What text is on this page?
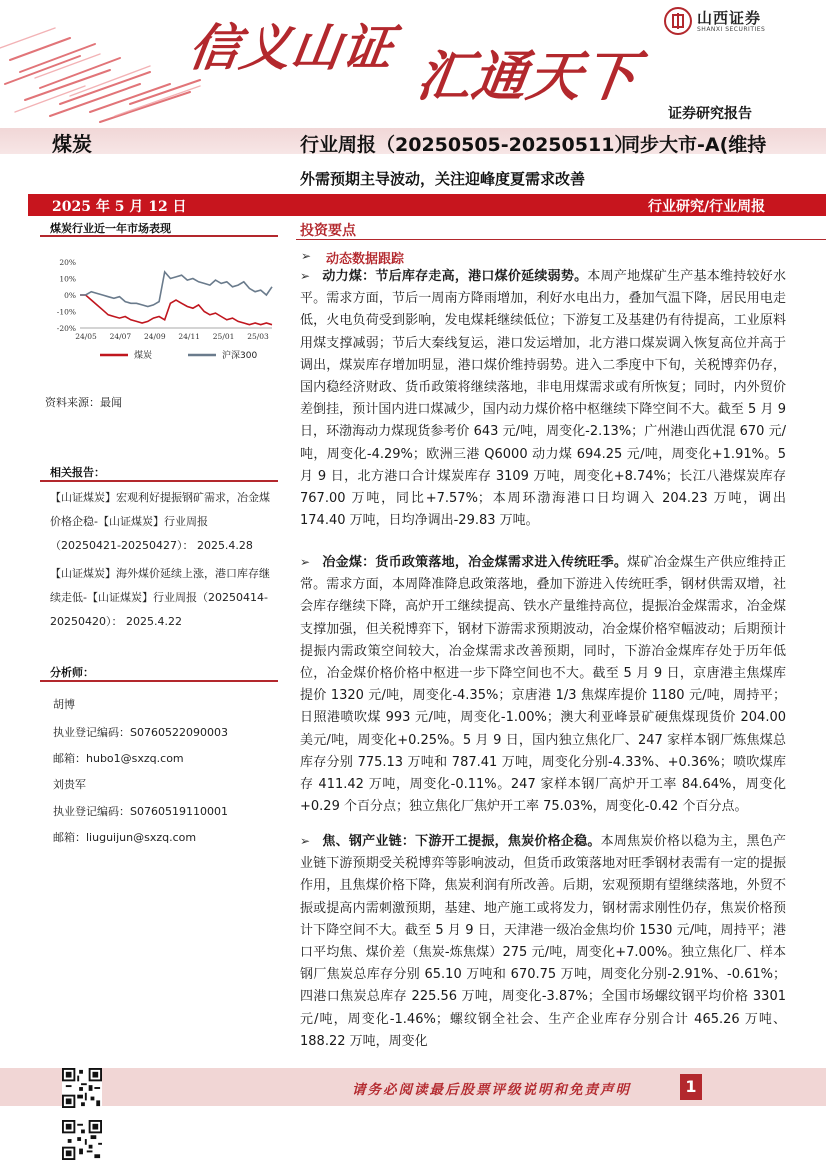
信义山证 汇通天下
山西证券
SHANXI SECURITIES
证券研究报告
煤炭	行业周报（20250505-20250511）
同步大市-A(维持
外需预期主导波动，关注迎峰度夏需求改善
2025 年 5 月 12 日	行业研究/行业周报
煤炭行业近一年市场表现
20%
10%
0%
-10%
-20%
24/05 24/07 24/09 24/11 25/01 25/03
煤炭	沪深300
资料来源：最闻
相关报告：
【山证煤炭】宏观利好提振钢矿需求，冶金煤价格企稳-【山证煤炭】行业周报（20250421-20250427）： 2025.4.28
【山证煤炭】海外煤价延续上涨，港口库存继续走低-【山证煤炭】行业周报（20250414-20250420）： 2025.4.22
分析师：
胡博
执业登记编码：S0760522090003
邮箱：hubo1@sxzq.com
刘贵军
执业登记编码：S0760519110001
邮箱：liuguijun@sxzq.com
投资要点
➢ 动态数据跟踪
➢ 动力煤：节后库存走高，港口煤价延续弱势。本周产地煤矿生产基本维持较好水平。需求方面，节后一周南方降雨增加，利好水电出力，叠加气温下降，居民用电走低，火电负荷受到影响，发电煤耗继续低位；下游复工及基建仍有待提高，工业原料用煤支撑减弱；节后大秦线复运，港口发运增加，北方港口煤炭调入恢复高位并高于调出，煤炭库存增加明显，港口煤价维持弱势。进入二季度中下旬，关税博弈仍存，国内稳经济财政、货币政策将继续落地，非电用煤需求或有所恢复；同时，内外贸价差倒挂，预计国内进口煤减少，国内动力煤价格中枢继续下降空间不大。截至 5 月 9 日，环渤海动力煤现货参考价 643 元/吨，周变化-2.13%；广州港山西优混 670 元/吨，周变化-4.29%；欧洲三港 Q6000 动力煤 694.25 元/吨，周变化+1.91%。5 月 9 日，北方港口合计煤炭库存 3109 万吨，周变化+8.74%；长江八港煤炭库存 767.00 万吨，同比+7.57%；本周环渤海港口日均调入 204.23 万吨，调出 174.40 万吨，日均净调出-29.83 万吨。
➢ 冶金煤：货币政策落地，冶金煤需求进入传统旺季。煤矿冶金煤生产供应维持正常。需求方面，本周降准降息政策落地，叠加下游进入传统旺季，钢材供需双增，社会库存继续下降，高炉开工继续提高、铁水产量维持高位，提振冶金煤需求，冶金煤支撑加强，但关税博弈下，钢材下游需求预期波动，冶金煤价格窄幅波动；后期预计提振内需政策空间较大，冶金煤需求改善预期，同时，下游冶金煤库存处于历年低位，冶金煤价格价格中枢进一步下降空间也不大。截至 5 月 9 日，京唐港主焦煤库提价 1320 元/吨，周变化-4.35%；京唐港 1/3 焦煤库提价 1180 元/吨，周持平；日照港喷吹煤 993 元/吨，周变化-1.00%；澳大利亚峰景矿硬焦煤现货价 204.00 美元/吨，周变化+0.25%。5 月 9 日，国内独立焦化厂、247 家样本钢厂炼焦煤总库存分别 775.13 万吨和 787.41 万吨，周变化分别-4.33%、+0.36%；喷吹煤库存 411.42 万吨，周变化-0.11%。247 家样本钢厂高炉开工率 84.64%，周变化+0.29 个百分点；独立焦化厂焦炉开工率 75.03%，周变化-0.42 个百分点。
➢ 焦、钢产业链：下游开工提振，焦炭价格企稳。本周焦炭价格以稳为主，黑色产业链下游预期受关税博弈等影响波动，但货币政策落地对旺季钢材表需有一定的提振作用，且焦煤价格下降，焦炭利润有所改善。后期，宏观预期有望继续落地，外贸不振或提高内需刺激预期，基建、地产施工或将发力，钢材需求刚性仍存，焦炭价格预计下降空间不大。截至 5 月 9 日，天津港一级冶金焦均价 1530 元/吨，周持平；港口平均焦、煤价差（焦炭-炼焦煤）275 元/吨，周变化+7.00%。独立焦化厂、样本钢厂焦炭总库存分别 65.10 万吨和 670.75 万吨，周变化分别-2.91%、-0.61%；四港口焦炭总库存 225.56 万吨，周变化-3.87%；全国市场螺纹钢平均价格 3301 元/吨，周变化-1.46%；螺纹钢全社会、生产企业库存分别合计 465.26 万吨、188.22 万吨，周变化
请务必阅读最后股票评级说明和免责声明	1
